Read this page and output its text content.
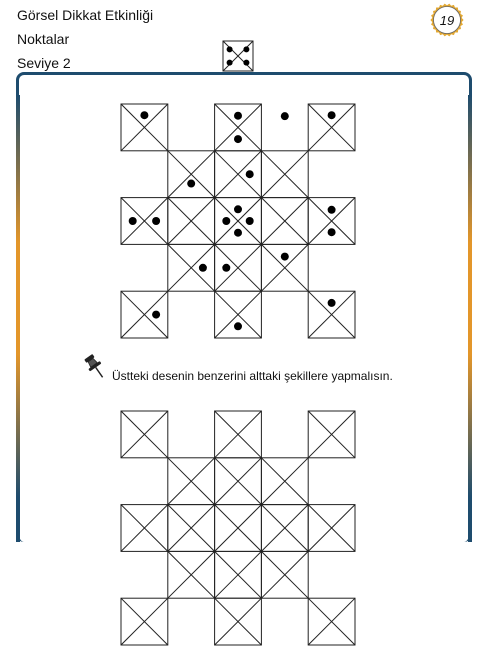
Görsel Dikkat Etkinliği
Noktalar
Seviye 2
19
Üstteki desenin benzerini alttaki şekillere yapmalısın.
